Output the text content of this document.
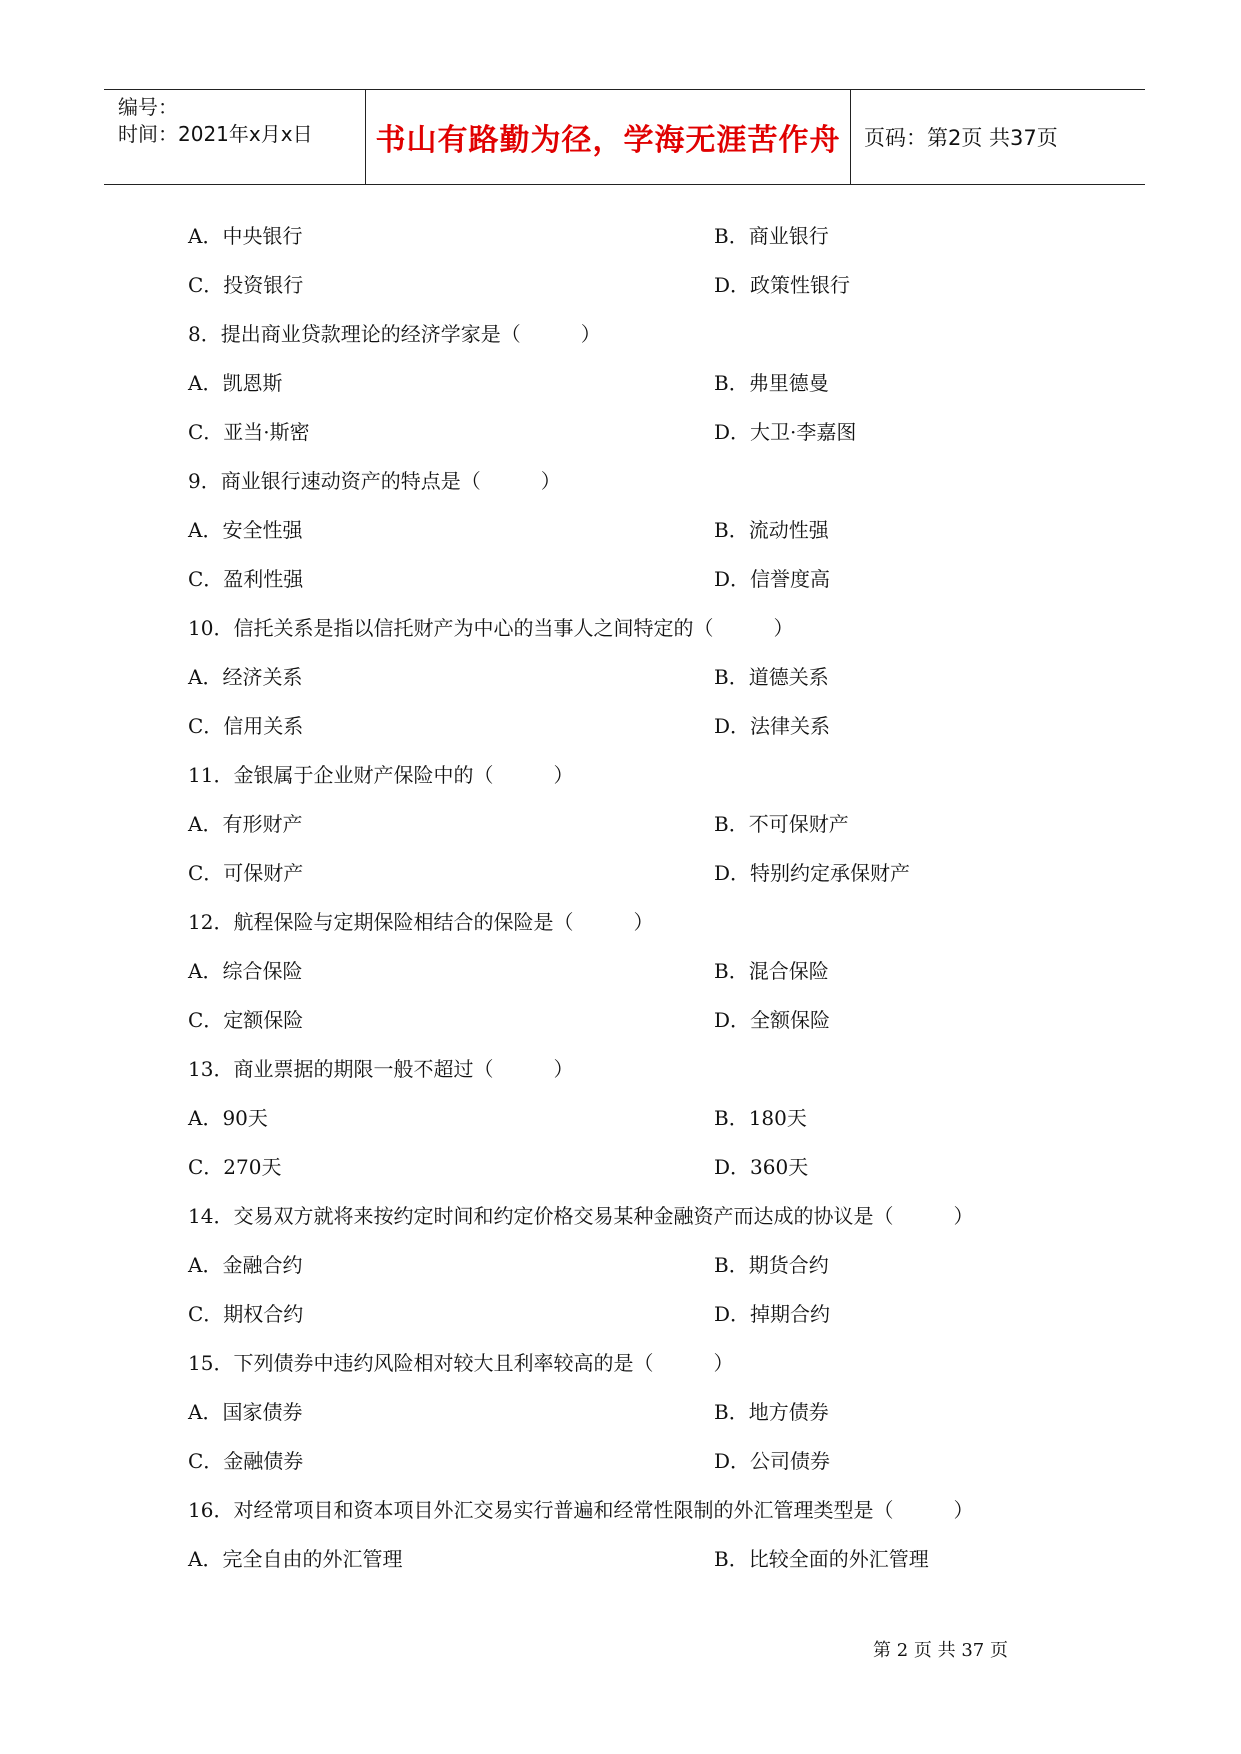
编号：
时间：2021年x月x日	书山有路勤为径，学海无涯苦作舟	页码：第2页 共37页
A．中央银行	B．商业银行
C．投资银行	D．政策性银行
8．提出商业贷款理论的经济学家是（　　　）
A．凯恩斯	B．弗里德曼
C．亚当·斯密	D．大卫·李嘉图
9．商业银行速动资产的特点是（　　　）
A．安全性强	B．流动性强
C．盈利性强	D．信誉度高
10．信托关系是指以信托财产为中心的当事人之间特定的（　　　）
A．经济关系	B．道德关系
C．信用关系	D．法律关系
11．金银属于企业财产保险中的（　　　）
A．有形财产	B．不可保财产
C．可保财产	D．特别约定承保财产
12．航程保险与定期保险相结合的保险是（　　　）
A．综合保险	B．混合保险
C．定额保险	D．全额保险
13．商业票据的期限一般不超过（　　　）
A．90天	B．180天
C．270天	D．360天
14．交易双方就将来按约定时间和约定价格交易某种金融资产而达成的协议是（　　　）
A．金融合约	B．期货合约
C．期权合约	D．掉期合约
15．下列债券中违约风险相对较大且利率较高的是（　　　）
A．国家债券	B．地方债券
C．金融债券	D．公司债券
16．对经常项目和资本项目外汇交易实行普遍和经常性限制的外汇管理类型是（　　　）
A．完全自由的外汇管理	B．比较全面的外汇管理
第 2 页 共 37 页
